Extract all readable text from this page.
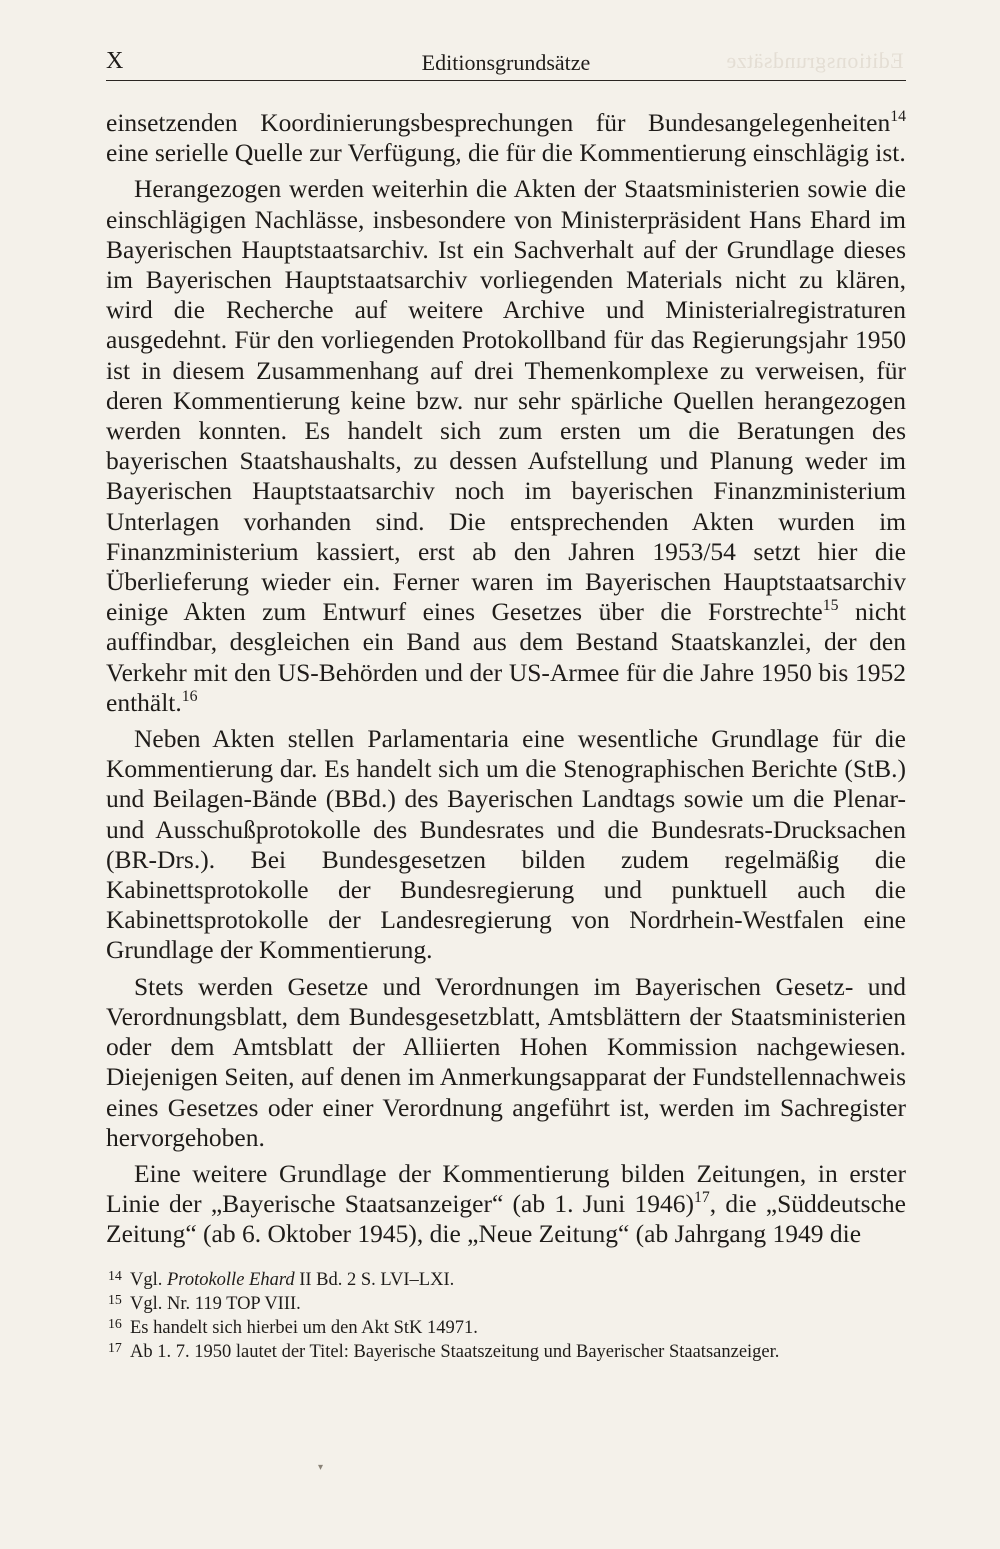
Editionsgrundsätze
X	Editionsgrundsätze

einsetzenden Koordinierungsbesprechungen für Bundesangelegenheiten$^{14}$ eine serielle Quelle zur Verfügung, die für die Kommentierung einschlägig ist.

Herangezogen werden weiterhin die Akten der Staatsministerien sowie die einschlägigen Nachlässe, insbesondere von Ministerpräsident Hans Ehard im Bayerischen Hauptstaatsarchiv. Ist ein Sachverhalt auf der Grundlage dieses im Bayerischen Hauptstaatsarchiv vorliegenden Materials nicht zu klären, wird die Recherche auf weitere Archive und Ministerialregistraturen ausgedehnt. Für den vorliegenden Protokollband für das Regierungsjahr 1950 ist in diesem Zusammenhang auf drei Themenkomplexe zu verweisen, für deren Kommentierung keine bzw. nur sehr spärliche Quellen herangezogen werden konnten. Es handelt sich zum ersten um die Beratungen des bayerischen Staatshaushalts, zu dessen Aufstellung und Planung weder im Bayerischen Hauptstaatsarchiv noch im bayerischen Finanzministerium Unterlagen vorhanden sind. Die entsprechenden Akten wurden im Finanzministerium kassiert, erst ab den Jahren 1953/54 setzt hier die Überlieferung wieder ein. Ferner waren im Bayerischen Hauptstaatsarchiv einige Akten zum Entwurf eines Gesetzes über die Forstrechte$^{15}$ nicht auffindbar, desgleichen ein Band aus dem Bestand Staatskanzlei, der den Verkehr mit den US-Behörden und der US-Armee für die Jahre 1950 bis 1952 enthält.$^{16}$

Neben Akten stellen Parlamentaria eine wesentliche Grundlage für die Kommentierung dar. Es handelt sich um die Stenographischen Berichte (StB.) und Beilagen-Bände (BBd.) des Bayerischen Landtags sowie um die Plenar- und Ausschußprotokolle des Bundesrates und die Bundesrats-Drucksachen (BR-Drs.). Bei Bundesgesetzen bilden zudem regelmäßig die Kabinettsprotokolle der Bundesregierung und punktuell auch die Kabinettsprotokolle der Landesregierung von Nordrhein-Westfalen eine Grundlage der Kommentierung.

Stets werden Gesetze und Verordnungen im Bayerischen Gesetz- und Verordnungsblatt, dem Bundesgesetzblatt, Amtsblättern der Staatsministerien oder dem Amtsblatt der Alliierten Hohen Kommission nachgewiesen. Diejenigen Seiten, auf denen im Anmerkungsapparat der Fundstellennachweis eines Gesetzes oder einer Verordnung angeführt ist, werden im Sachregister hervorgehoben.

Eine weitere Grundlage der Kommentierung bilden Zeitungen, in erster Linie der „Bayerische Staatsanzeiger“ (ab 1. Juni 1946)$^{17}$, die „Süddeutsche Zeitung“ (ab 6. Oktober 1945), die „Neue Zeitung“ (ab Jahrgang 1949 die

14 Vgl. Protokolle Ehard II Bd. 2 S. LVI–LXI.

15 Vgl. Nr. 119 TOP VIII.

16 Es handelt sich hierbei um den Akt StK 14971.

17 Ab 1. 7. 1950 lautet der Titel: Bayerische Staatszeitung und Bayerischer Staatsanzeiger.

▾
